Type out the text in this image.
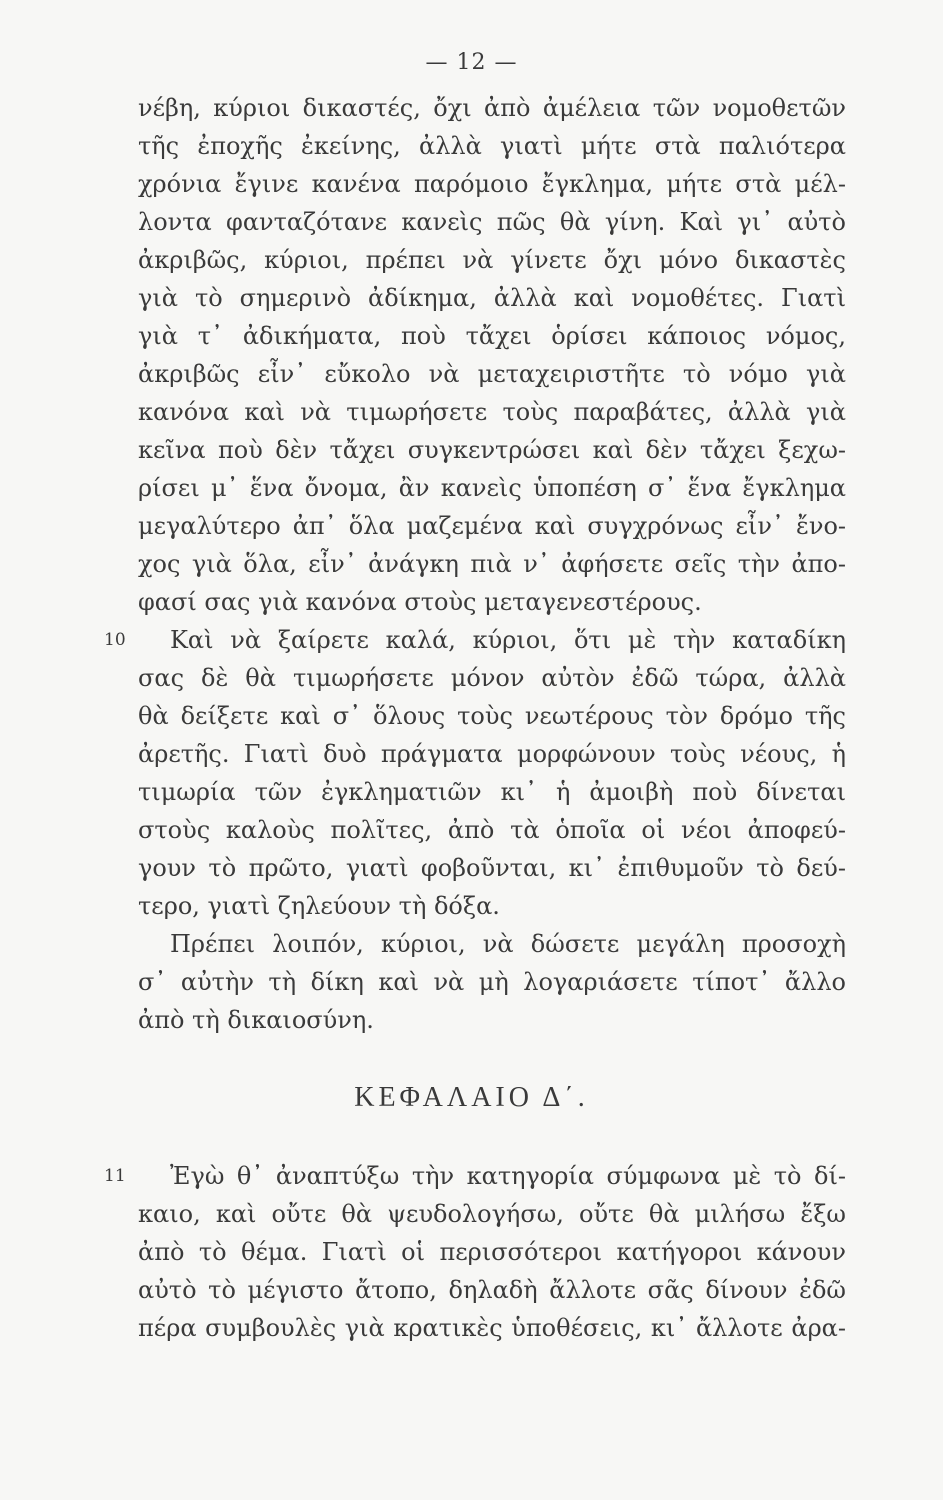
— 12 —
νέβη, κύριοι δικαστές, ὄχι ἀπὸ ἀμέλεια τῶν νομοθετῶν
τῆς ἐποχῆς ἐκείνης, ἀλλὰ γιατὶ μήτε στὰ παλιότερα
χρόνια ἔγινε κανένα παρόμοιο ἔγκλημα, μήτε στὰ μέλ-
λοντα φανταζότανε κανεὶς πῶς θὰ γίνη. Καὶ γι᾽ αὐτὸ
ἀκριβῶς, κύριοι, πρέπει νὰ γίνετε ὄχι μόνο δικαστὲς
γιὰ τὸ σημερινὸ ἀδίκημα, ἀλλὰ καὶ νομοθέτες. Γιατὶ
γιὰ τ᾽ ἀδικήματα, ποὺ τἄχει ὁρίσει κάποιος νόμος,
ἀκριβῶς εἶν᾽ εὔκολο νὰ μεταχειριστῆτε τὸ νόμο γιὰ
κανόνα καὶ νὰ τιμωρήσετε τοὺς παραβάτες, ἀλλὰ γιὰ
κεῖνα ποὺ δὲν τἄχει συγκεντρώσει καὶ δὲν τἄχει ξεχω-
ρίσει μ᾽ ἕνα ὄνομα, ἂν κανεὶς ὑποπέση σ᾽ ἕνα ἔγκλημα
μεγαλύτερο ἀπ᾽ ὅλα μαζεμένα καὶ συγχρόνως εἶν᾽ ἔνο-
χος γιὰ ὅλα, εἶν᾽ ἀνάγκη πιὰ ν᾽ ἀφήσετε σεῖς τὴν ἀπο-
φασί σας γιὰ κανόνα στοὺς μεταγενεστέρους.
10	Καὶ νὰ ξαίρετε καλά, κύριοι, ὅτι μὲ τὴν καταδίκη
σας δὲ θὰ τιμωρήσετε μόνον αὐτὸν ἐδῶ τώρα, ἀλλὰ
θὰ δείξετε καὶ σ᾽ ὅλους τοὺς νεωτέρους τὸν δρόμο τῆς
ἀρετῆς. Γιατὶ δυὸ πράγματα μορφώνουν τοὺς νέους, ἡ
τιμωρία τῶν ἐγκληματιῶν κι᾽ ἡ ἀμοιβὴ ποὺ δίνεται
στοὺς καλοὺς πολῖτες, ἀπὸ τὰ ὁποῖα οἱ νέοι ἀποφεύ-
γουν τὸ πρῶτο, γιατὶ φοβοῦνται, κι᾽ ἐπιθυμοῦν τὸ δεύ-
τερο, γιατὶ ζηλεύουν τὴ δόξα.
Πρέπει λοιπόν, κύριοι, νὰ δώσετε μεγάλη προσοχὴ
σ᾽ αὐτὴν τὴ δίκη καὶ νὰ μὴ λογαριάσετε τίποτ᾽ ἄλλο
ἀπὸ τὴ δικαιοσύνη.
ΚΕΦΑΛΑΙΟ Δ΄.
11	Ἐγὼ θ᾽ ἀναπτύξω τὴν κατηγορία σύμφωνα μὲ τὸ δί-
καιο, καὶ οὔτε θὰ ψευδολογήσω, οὔτε θὰ μιλήσω ἔξω
ἀπὸ τὸ θέμα. Γιατὶ οἱ περισσότεροι κατήγοροι κάνουν
αὐτὸ τὸ μέγιστο ἄτοπο, δηλαδὴ ἄλλοτε σᾶς δίνουν ἐδῶ
πέρα συμβουλὲς γιὰ κρατικὲς ὑποθέσεις, κι᾽ ἄλλοτε ἀρα-
